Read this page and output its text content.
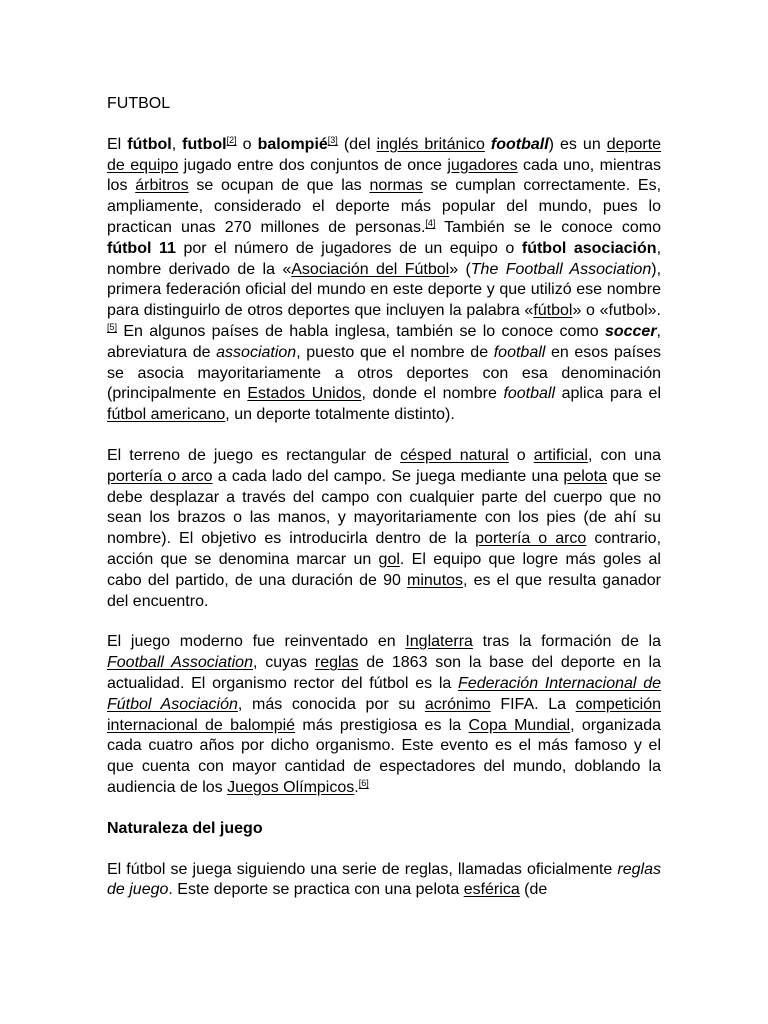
FUTBOL

El fútbol, futbol[2] o balompié[3] (del inglés británico football) es un deporte de equipo jugado entre dos conjuntos de once jugadores cada uno, mientras los árbitros se ocupan de que las normas se cumplan correctamente. Es, ampliamente, considerado el deporte más popular del mundo, pues lo practican unas 270 millones de personas.[4] También se le conoce como fútbol 11 por el número de jugadores de un equipo o fútbol asociación, nombre derivado de la «Asociación del Fútbol» (The Football Association), primera federación oficial del mundo en este deporte y que utilizó ese nombre para distinguirlo de otros deportes que incluyen la palabra «fútbol» o «futbol».[5] En algunos países de habla inglesa, también se lo conoce como soccer, abreviatura de association, puesto que el nombre de football en esos países se asocia mayoritariamente a otros deportes con esa denominación (principalmente en Estados Unidos, donde el nombre football aplica para el fútbol americano, un deporte totalmente distinto).

El terreno de juego es rectangular de césped natural o artificial, con una portería o arco a cada lado del campo. Se juega mediante una pelota que se debe desplazar a través del campo con cualquier parte del cuerpo que no sean los brazos o las manos, y mayoritariamente con los pies (de ahí su nombre). El objetivo es introducirla dentro de la portería o arco contrario, acción que se denomina marcar un gol. El equipo que logre más goles al cabo del partido, de una duración de 90 minutos, es el que resulta ganador del encuentro.

El juego moderno fue reinventado en Inglaterra tras la formación de la Football Association, cuyas reglas de 1863 son la base del deporte en la actualidad. El organismo rector del fútbol es la Federación Internacional de Fútbol Asociación, más conocida por su acrónimo FIFA. La competición internacional de balompié más prestigiosa es la Copa Mundial, organizada cada cuatro años por dicho organismo. Este evento es el más famoso y el que cuenta con mayor cantidad de espectadores del mundo, doblando la audiencia de los Juegos Olímpicos.[6]

Naturaleza del juego

El fútbol se juega siguiendo una serie de reglas, llamadas oficialmente reglas de juego. Este deporte se practica con una pelota esférica (de
